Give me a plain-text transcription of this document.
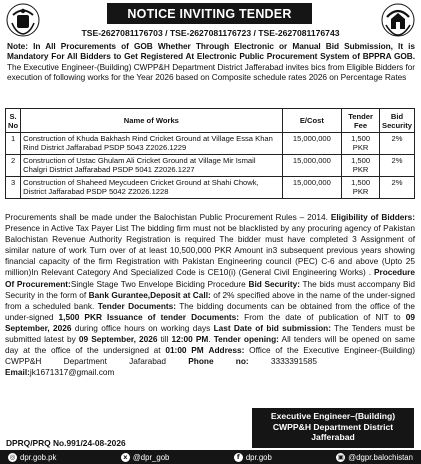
NOTICE INVITING TENDER
TSE-2627081176703 / TSE-2627081176723 / TSE-2627081176743
Note: In All Procurements of GOB Whether Through Electronic or Manual Bid Submission, It is Mandatory For All Bidders to Get Registered At Electronic Public Procurement System of BPPRA GOB. The Executive Engineer-(Building) CWPP&H Department District Jafferabad invites bics from Eligible Bidders for execution of following works for the Year 2026 based on Composite schedule rates 2026 on Percentage Rates
S. No	Name of Works	E/Cost	Tender Fee	Bid Security
1	Construction of Khuda Bakhash Rind Cricket Ground at Village Essa Khan Rind District Jaffarabad PSDP 5043 Z2026.1229	15,000,000	1,500 PKR	2%
2	Construction of Ustac Ghulam Ali Cricket Ground at Village Mir Ismail Chalgri District Jaffarabad PSDP 5041 Z2026.1227	15,000,000	1,500 PKR	2%
3	Construction of Shaheed Meycudeen Cricket Ground at Shahi Chowk, District Jaffarabad PSDP 5042 Z2026.1228	15,000,000	1,500 PKR	2%
Procurements shall be made under the Balochistan Public Procurement Rules – 2014. Eligibility of Bidders: Presence in Active Tax Payer List The bidding firm must not be blacklisted by any procuring agency of Pakistan Balochistan Revenue Authority Registration is required The bidder must have completed 3 Assignment of similar nature of work Turn over of at least 10,500,000 PKR Amount in3 subsequent previous years showing financial capacity of the firm Registration with Pakistan Engineering council (PEC) C-6 and above (Upto 25 million)In Relevant Category And Specialized Code is CE10(i) (General Civil Engineering Works) . Procedure Of Procurement:Single Stage Two Envelope Biciding Procedure Bid Security: The bids must accompany Bid Security in the form of Bank Gurantee,Deposit at Call: of 2% specified above in the name of the under-signed from a scheduled bank. Tender Documents: The bidding documents can be obtained from the office of the under-signed 1,500 PKR Issuance of tender Documents: From the date of publication of NIT to 09 September, 2026 during office hours on working days Last Date of bid submission: The Tenders must be submitted latest by 09 September, 2026 till 12:00 PM. Tender opening: All tenders will be opened on same day at the office of the undersigned at 01:00 PM Address: Office of the Executive Engineer-(Building) CWPP&H Department Jafarabad Phone no: 3333391585Email:jk1671317@gmail.com
Executive Engineer–(Building)
CWPP&H Department District
Jafferabad
DPRQ/PRQ No.991/24-08-2026
◎ dpr.gob.pk	x @dpr_gob	f dpr.gob	▣ @dgpr.balochistan
